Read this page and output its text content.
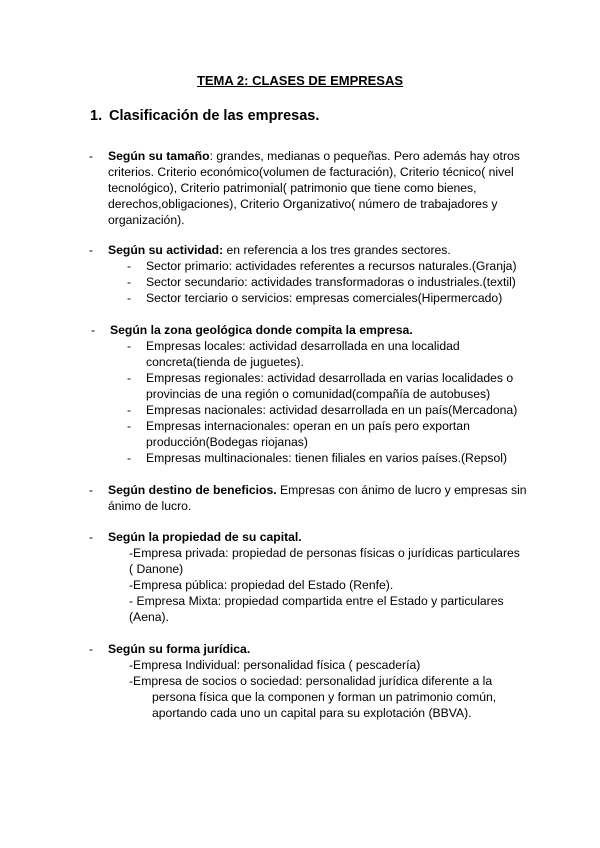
TEMA 2: CLASES DE EMPRESAS
1. Clasificación de las empresas.
- Según su tamaño: grandes, medianas o pequeñas. Pero además hay otros
criterios. Criterio económico(volumen de facturación), Criterio técnico( nivel
tecnológico), Criterio patrimonial( patrimonio que tiene como bienes,
derechos,obligaciones), Criterio Organizativo( número de trabajadores y
organización).
- Según su actividad: en referencia a los tres grandes sectores.
- Sector primario: actividades referentes a recursos naturales.(Granja)
- Sector secundario: actividades transformadoras o industriales.(textil)
- Sector terciario o servicios: empresas comerciales(Hipermercado)
- Según la zona geológica donde compita la empresa.
- Empresas locales: actividad desarrollada en una localidad
concreta(tienda de juguetes).
- Empresas regionales: actividad desarrollada en varias localidades o
provincias de una región o comunidad(compañía de autobuses)
- Empresas nacionales: actividad desarrollada en un país(Mercadona)
- Empresas internacionales: operan en un país pero exportan
producción(Bodegas riojanas)
- Empresas multinacionales: tienen filiales en varios países.(Repsol)
- Según destino de beneficios. Empresas con ánimo de lucro y empresas sin
ánimo de lucro.
- Según la propiedad de su capital.
-Empresa privada: propiedad de personas físicas o jurídicas particulares
( Danone)
-Empresa pública: propiedad del Estado (Renfe).
- Empresa Mixta: propiedad compartida entre el Estado y particulares
(Aena).
- Según su forma jurídica.
-Empresa Individual: personalidad física ( pescadería)
-Empresa de socios o sociedad: personalidad jurídica diferente a la
persona física que la componen y forman un patrimonio común,
aportando cada uno un capital para su explotación (BBVA).
